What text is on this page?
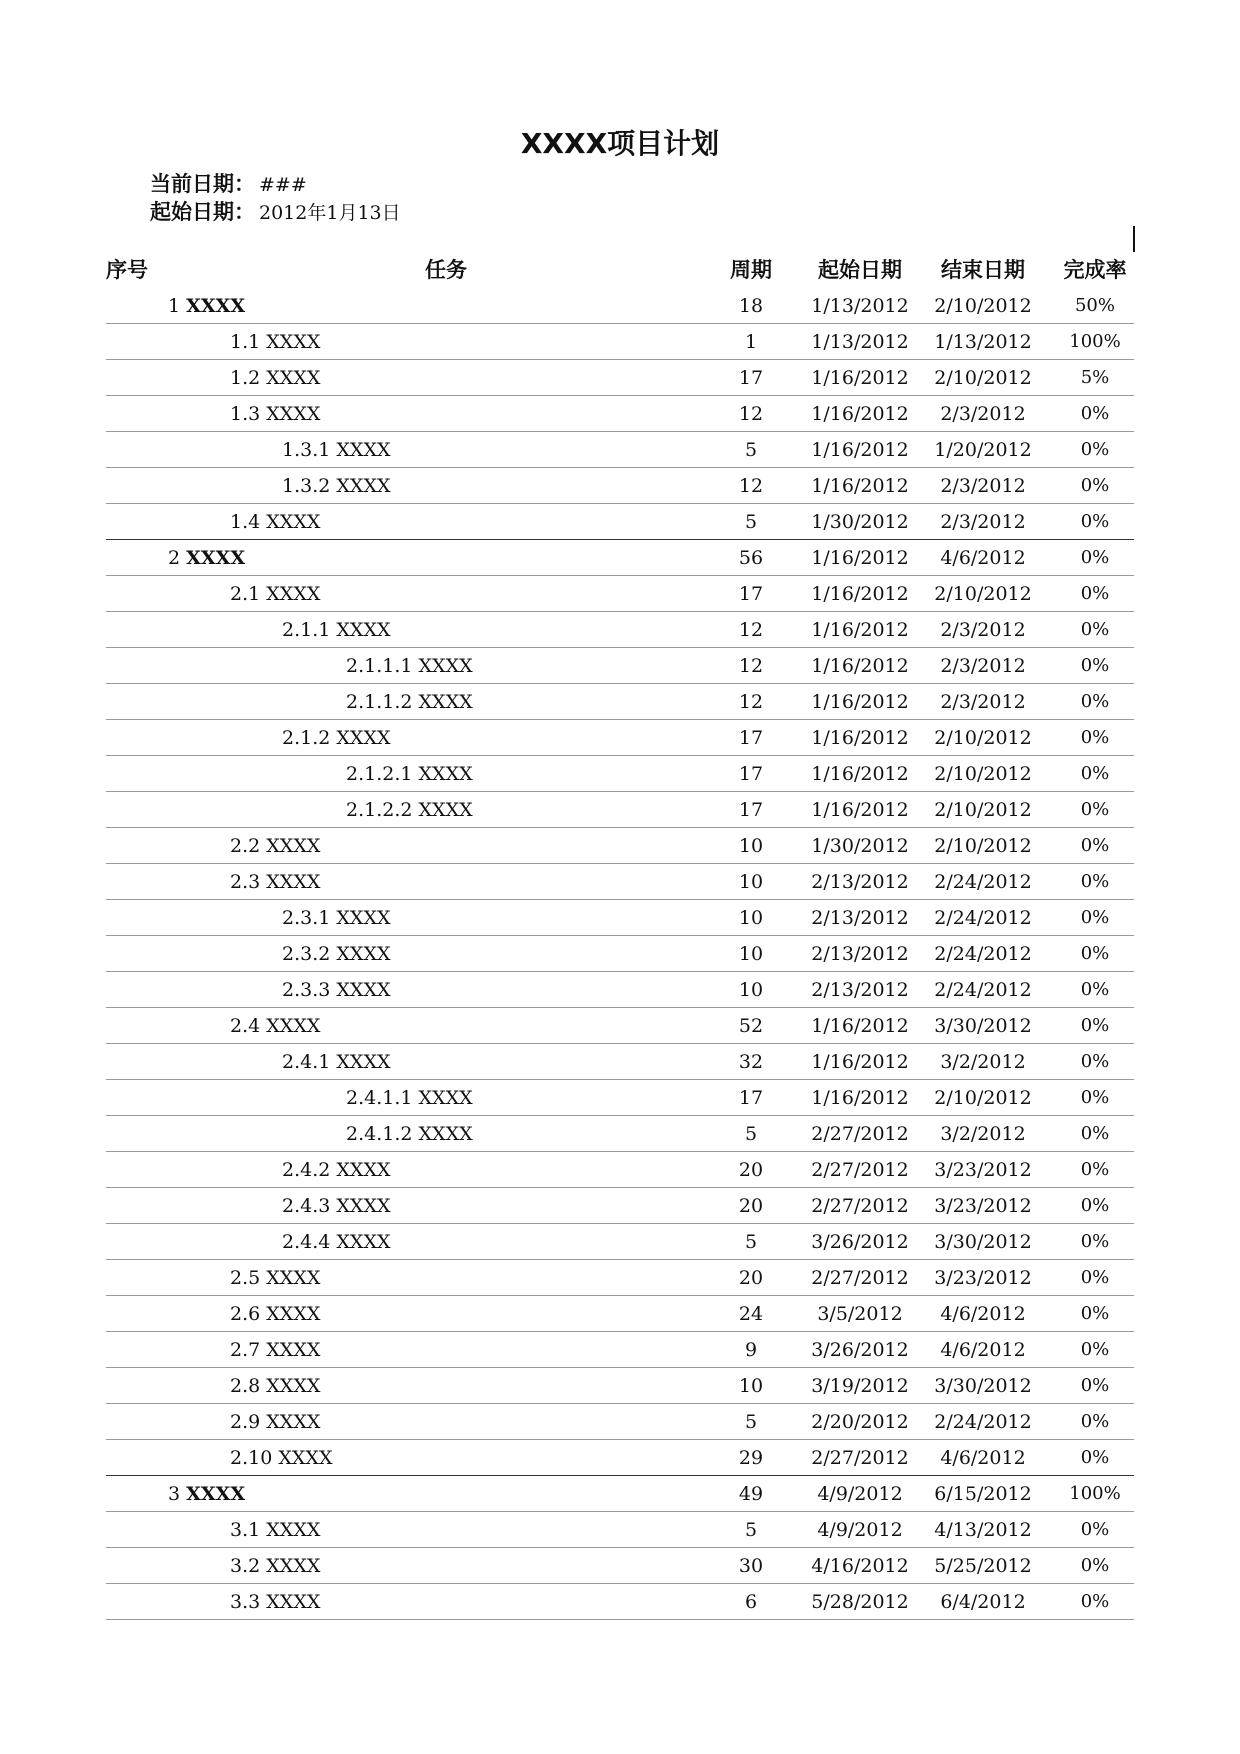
XXXX项目计划
当前日期： ###
起始日期： 2012年1月13日
序号	任务	周期	起始日期	结束日期	完成率
1 XXXX	18	1/13/2012	2/10/2012	50%
1.1 XXXX	1	1/13/2012	1/13/2012	100%
1.2 XXXX	17	1/16/2012	2/10/2012	5%
1.3 XXXX	12	1/16/2012	2/3/2012	0%
1.3.1 XXXX	5	1/16/2012	1/20/2012	0%
1.3.2 XXXX	12	1/16/2012	2/3/2012	0%
1.4 XXXX	5	1/30/2012	2/3/2012	0%
2 XXXX	56	1/16/2012	4/6/2012	0%
2.1 XXXX	17	1/16/2012	2/10/2012	0%
2.1.1 XXXX	12	1/16/2012	2/3/2012	0%
2.1.1.1 XXXX	12	1/16/2012	2/3/2012	0%
2.1.1.2 XXXX	12	1/16/2012	2/3/2012	0%
2.1.2 XXXX	17	1/16/2012	2/10/2012	0%
2.1.2.1 XXXX	17	1/16/2012	2/10/2012	0%
2.1.2.2 XXXX	17	1/16/2012	2/10/2012	0%
2.2 XXXX	10	1/30/2012	2/10/2012	0%
2.3 XXXX	10	2/13/2012	2/24/2012	0%
2.3.1 XXXX	10	2/13/2012	2/24/2012	0%
2.3.2 XXXX	10	2/13/2012	2/24/2012	0%
2.3.3 XXXX	10	2/13/2012	2/24/2012	0%
2.4 XXXX	52	1/16/2012	3/30/2012	0%
2.4.1 XXXX	32	1/16/2012	3/2/2012	0%
2.4.1.1 XXXX	17	1/16/2012	2/10/2012	0%
2.4.1.2 XXXX	5	2/27/2012	3/2/2012	0%
2.4.2 XXXX	20	2/27/2012	3/23/2012	0%
2.4.3 XXXX	20	2/27/2012	3/23/2012	0%
2.4.4 XXXX	5	3/26/2012	3/30/2012	0%
2.5 XXXX	20	2/27/2012	3/23/2012	0%
2.6 XXXX	24	3/5/2012	4/6/2012	0%
2.7 XXXX	9	3/26/2012	4/6/2012	0%
2.8 XXXX	10	3/19/2012	3/30/2012	0%
2.9 XXXX	5	2/20/2012	2/24/2012	0%
2.10 XXXX	29	2/27/2012	4/6/2012	0%
3 XXXX	49	4/9/2012	6/15/2012	100%
3.1 XXXX	5	4/9/2012	4/13/2012	0%
3.2 XXXX	30	4/16/2012	5/25/2012	0%
3.3 XXXX	6	5/28/2012	6/4/2012	0%
